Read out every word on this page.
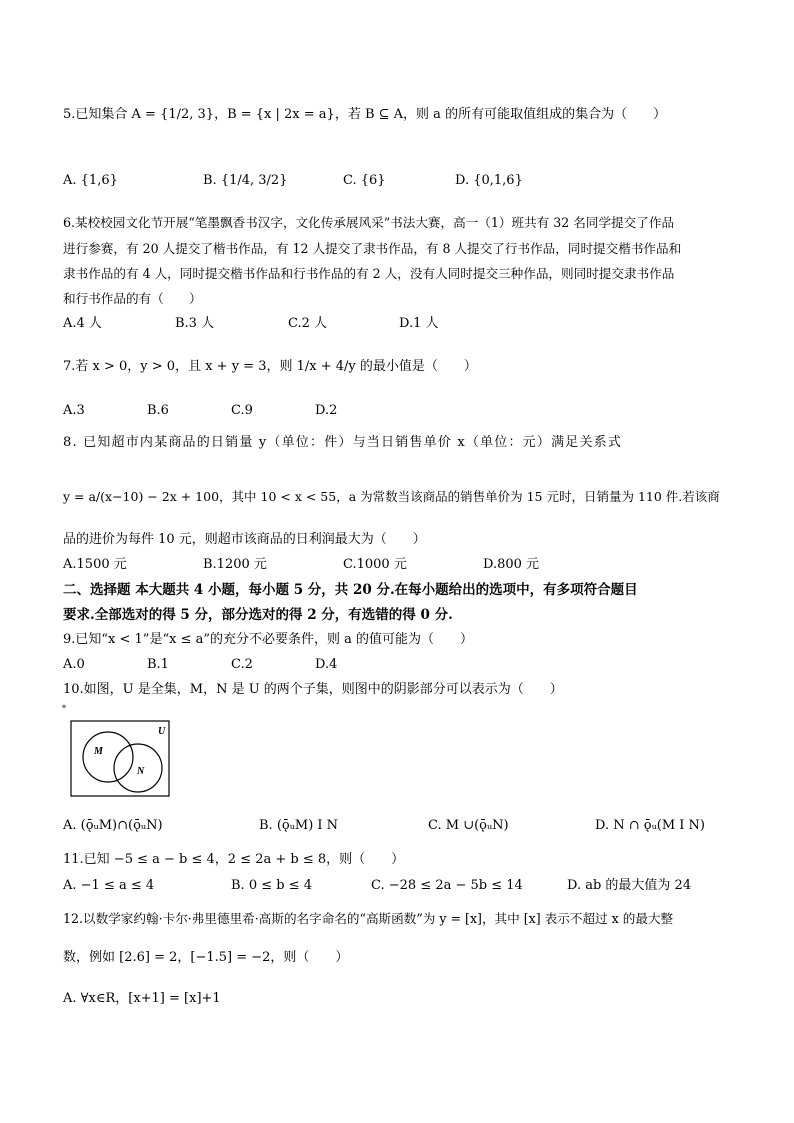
5.已知集合 A = {1/2, 3}，B = {x | 2x = a}，若 B ⊆ A，则 a 的所有可能取值组成的集合为（　　）
A. {1,6}	B. {1/4, 3/2}	C. {6}	D. {0,1,6}
6.某校校园文化节开展“笔墨飘香书汉字，文化传承展风采”书法大赛，高一（1）班共有 32 名同学提交了作品
进行参赛，有 20 人提交了楷书作品，有 12 人提交了隶书作品，有 8 人提交了行书作品，同时提交楷书作品和
隶书作品的有 4 人，同时提交楷书作品和行书作品的有 2 人，没有人同时提交三种作品，则同时提交隶书作品
和行书作品的有（　　）
A.4 人	B.3 人	C.2 人	D.1 人
7.若 x > 0，y > 0，且 x + y = 3，则 1/x + 4/y 的最小值是（　　）
A.3	B.6	C.9	D.2
8. 已知超市内某商品的日销量 y（单位：件）与当日销售单价 x（单位：元）满足关系式
y = a/(x−10) − 2x + 100，其中 10 < x < 55，a 为常数当该商品的销售单价为 15 元时，日销量为 110 件.若该商
品的进价为每件 10 元，则超市该商品的日利润最大为（　　）
A.1500 元	B.1200 元	C.1000 元	D.800 元
二、选择题 本大题共 4 小题，每小题 5 分，共 20 分.在每小题给出的选项中，有多项符合题目
要求.全部选对的得 5 分，部分选对的得 2 分，有选错的得 0 分.
9.已知“x < 1”是“x ≤ a”的充分不必要条件，则 a 的值可能为（　　）
A.0	B.1	C.2	D.4
10.如图，U 是全集，M，N 是 U 的两个子集，则图中的阴影部分可以表示为（　　）
*
U
M
N
A. (ǭᵤM)∩(ǭᵤN)	B. (ǭᵤM) I N	C. M ∪(ǭᵤN)	D. N ∩ ǭᵤ(M I N)
11.已知 −5 ≤ a − b ≤ 4，2 ≤ 2a + b ≤ 8，则（　　）
A. −1 ≤ a ≤ 4	B. 0 ≤ b ≤ 4	C. −28 ≤ 2a − 5b ≤ 14	D. ab 的最大值为 24
12.以数学家约翰·卡尔·弗里德里希·高斯的名字命名的“高斯函数”为 y = [x]，其中 [x] 表示不超过 x 的最大整
数，例如 [2.6] = 2，[−1.5] = −2，则（　　）
A. ∀x∈R，[x+1] = [x]+1
